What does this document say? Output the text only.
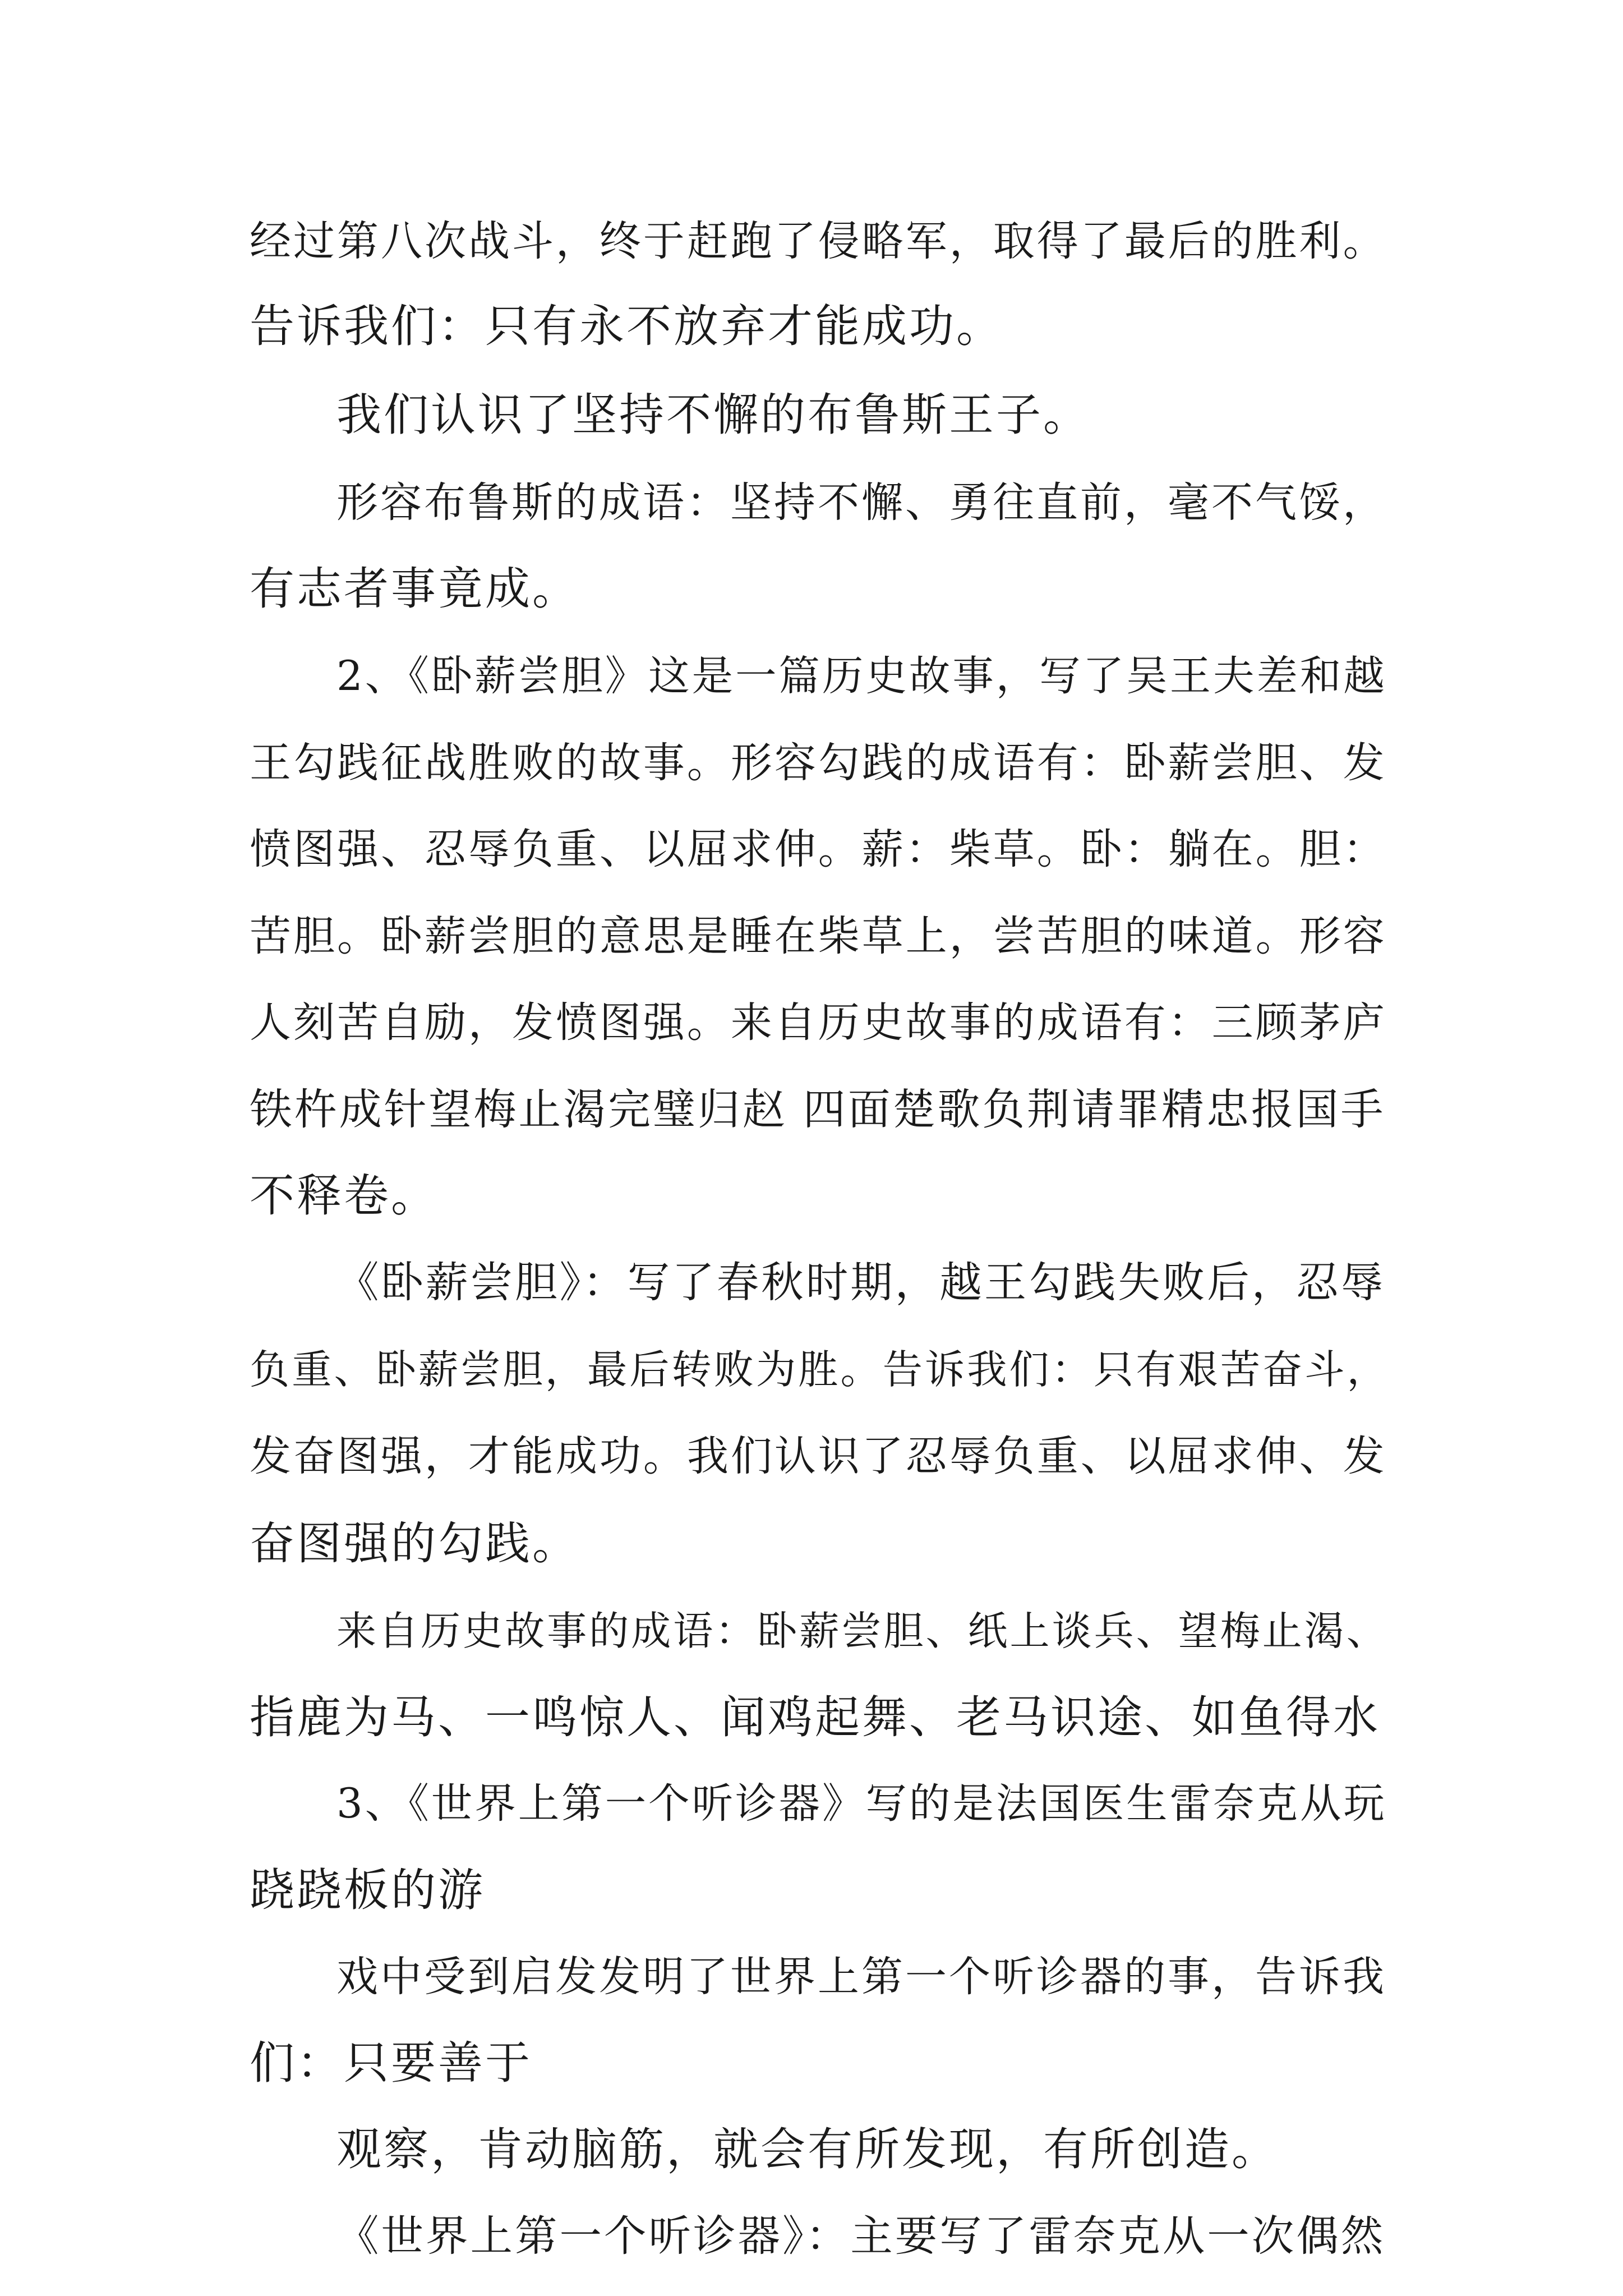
经过第八次战斗，终于赶跑了侵略军，取得了最后的胜利。

告诉我们：只有永不放弃才能成功。

我们认识了坚持不懈的布鲁斯王子。

形容布鲁斯的成语：坚持不懈、勇往直前，毫不气馁，

有志者事竟成。

2、《卧薪尝胆》这是一篇历史故事，写了吴王夫差和越

王勾践征战胜败的故事。形容勾践的成语有：卧薪尝胆、发

愤图强、忍辱负重、以屈求伸。薪：柴草。卧：躺在。胆：

苦胆。卧薪尝胆的意思是睡在柴草上，尝苦胆的味道。形容

人刻苦自励，发愤图强。来自历史故事的成语有：三顾茅庐

铁杵成针望梅止渴完璧归赵 四面楚歌负荆请罪精忠报国手

不释卷。

《卧薪尝胆》：写了春秋时期，越王勾践失败后，忍辱

负重、卧薪尝胆，最后转败为胜。告诉我们：只有艰苦奋斗，

发奋图强，才能成功。我们认识了忍辱负重、以屈求伸、发

奋图强的勾践。

来自历史故事的成语：卧薪尝胆、纸上谈兵、望梅止渴、

指鹿为马、一鸣惊人、闻鸡起舞、老马识途、如鱼得水

3、《世界上第一个听诊器》写的是法国医生雷奈克从玩

跷跷板的游

戏中受到启发发明了世界上第一个听诊器的事，告诉我

们：只要善于

观察，肯动脑筋，就会有所发现，有所创造。

《世界上第一个听诊器》：主要写了雷奈克从一次偶然
